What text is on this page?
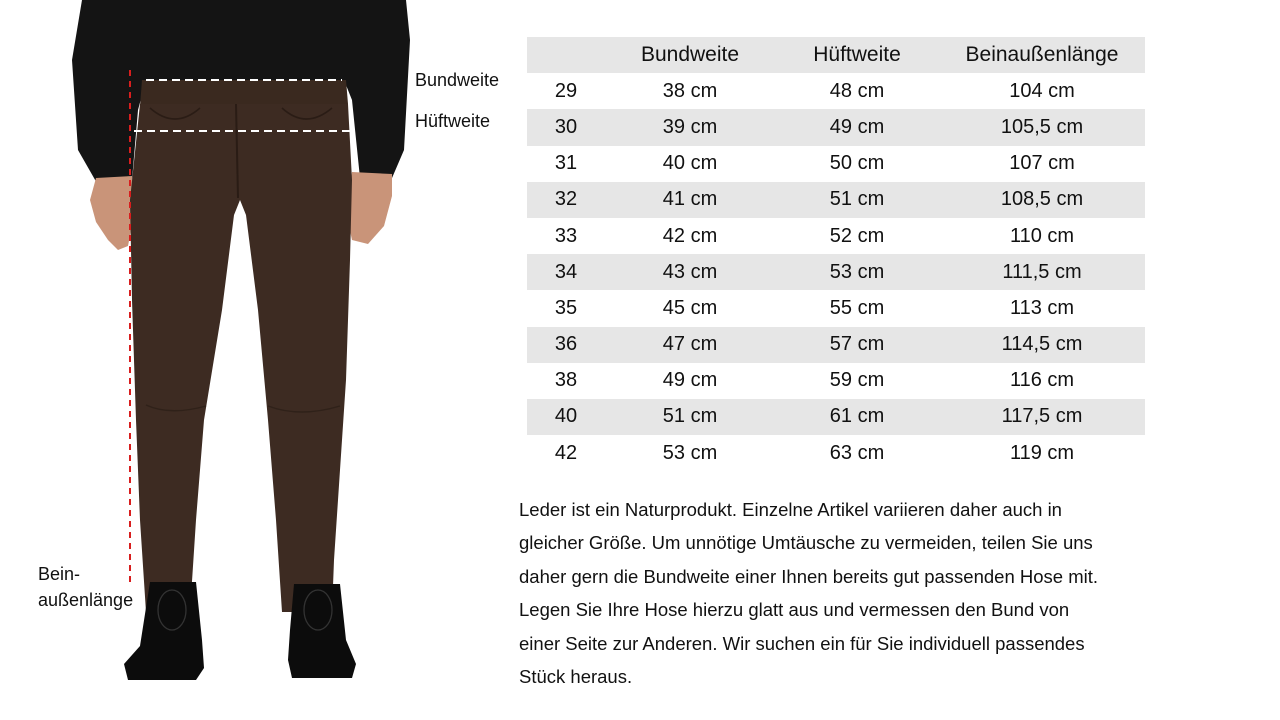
Bundweite
Hüftweite
Bein-
außenlänge
	Bundweite	Hüftweite	Beinaußenlänge
29	38 cm	48 cm	104 cm
30	39 cm	49 cm	105,5 cm
31	40 cm	50 cm	107 cm
32	41 cm	51 cm	108,5 cm
33	42 cm	52 cm	110 cm
34	43 cm	53 cm	111,5 cm
35	45 cm	55 cm	113 cm
36	47 cm	57 cm	114,5 cm
38	49 cm	59 cm	116 cm
40	51 cm	61 cm	117,5 cm
42	53 cm	63 cm	119 cm
Leder ist ein Naturprodukt. Einzelne Artikel variieren daher auch in
gleicher Größe. Um unnötige Umtäusche zu vermeiden, teilen Sie uns
daher gern die Bundweite einer Ihnen bereits gut passenden Hose mit.
Legen Sie Ihre Hose hierzu glatt aus und vermessen den Bund von
einer Seite zur Anderen. Wir suchen ein für Sie individuell passendes
Stück heraus.
